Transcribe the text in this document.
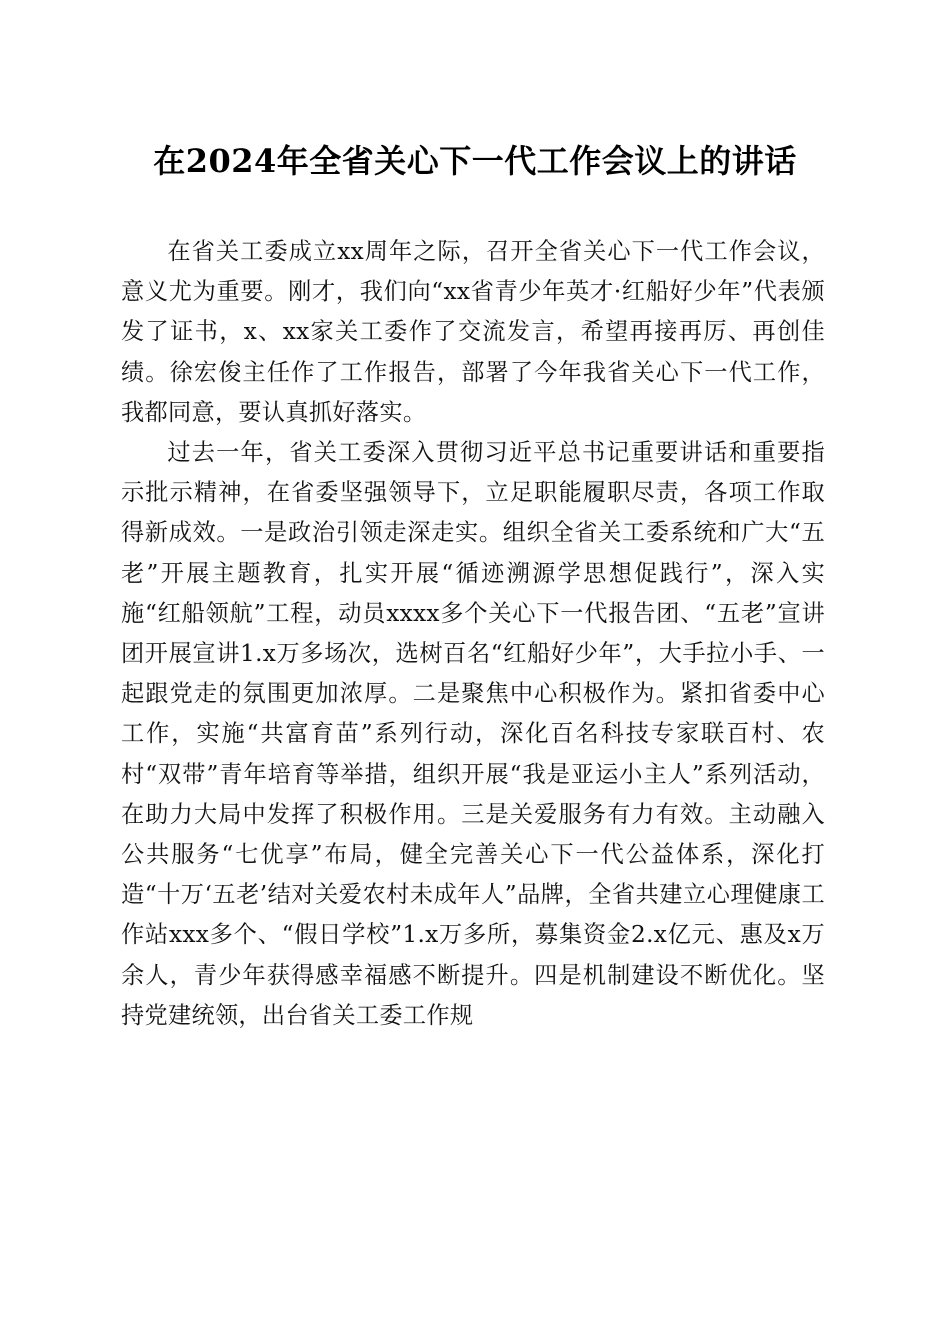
在2024年全省关心下一代工作会议上的讲话

在省关工委成立xx周年之际，召开全省关心下一代工作会议，意义尤为重要。刚才，我们向“xx省青少年英才·红船好少年”代表颁发了证书，x、xx家关工委作了交流发言，希望再接再厉、再创佳绩。徐宏俊主任作了工作报告，部署了今年我省关心下一代工作，我都同意，要认真抓好落实。

过去一年，省关工委深入贯彻习近平总书记重要讲话和重要指示批示精神，在省委坚强领导下，立足职能履职尽责，各项工作取得新成效。一是政治引领走深走实。组织全省关工委系统和广大“五老”开展主题教育，扎实开展“循迹溯源学思想促践行”，深入实施“红船领航”工程，动员xxxx多个关心下一代报告团、“五老”宣讲团开展宣讲1.x万多场次，选树百名“红船好少年”，大手拉小手、一起跟党走的氛围更加浓厚。二是聚焦中心积极作为。紧扣省委中心工作，实施“共富育苗”系列行动，深化百名科技专家联百村、农村“双带”青年培育等举措，组织开展“我是亚运小主人”系列活动，在助力大局中发挥了积极作用。三是关爱服务有力有效。主动融入公共服务“七优享”布局，健全完善关心下一代公益体系，深化打造“十万‘五老’结对关爱农村未成年人”品牌，全省共建立心理健康工作站xxx多个、“假日学校”1.x万多所，募集资金2.x亿元、惠及x万余人，青少年获得感幸福感不断提升。四是机制建设不断优化。坚持党建统领，出台省关工委工作规
